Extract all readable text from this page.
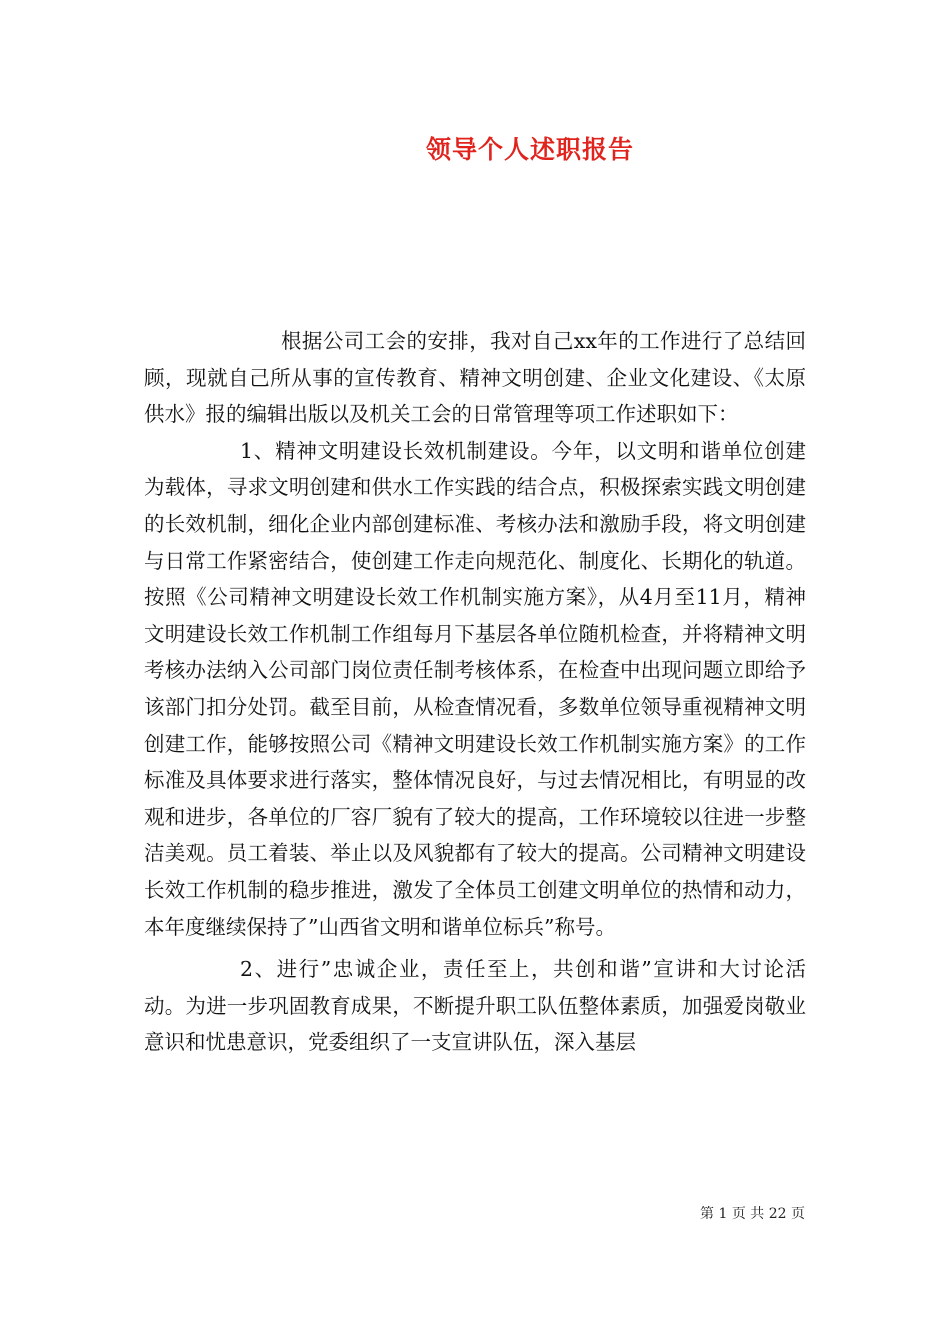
领导个人述职报告

根据公司工会的安排，我对自己xx年的工作进行了总结回顾，现就自己所从事的宣传教育、精神文明创建、企业文化建设、《太原供水》报的编辑出版以及机关工会的日常管理等项工作述职如下：

1、精神文明建设长效机制建设。今年，以文明和谐单位创建为载体，寻求文明创建和供水工作实践的结合点，积极探索实践文明创建的长效机制，细化企业内部创建标准、考核办法和激励手段，将文明创建与日常工作紧密结合，使创建工作走向规范化、制度化、长期化的轨道。按照《公司精神文明建设长效工作机制实施方案》，从4月至11月，精神文明建设长效工作机制工作组每月下基层各单位随机检查，并将精神文明考核办法纳入公司部门岗位责任制考核体系，在检查中出现问题立即给予该部门扣分处罚。截至目前，从检查情况看，多数单位领导重视精神文明创建工作，能够按照公司《精神文明建设长效工作机制实施方案》的工作标准及具体要求进行落实，整体情况良好，与过去情况相比，有明显的改观和进步，各单位的厂容厂貌有了较大的提高，工作环境较以往进一步整洁美观。员工着装、举止以及风貌都有了较大的提高。公司精神文明建设长效工作机制的稳步推进，激发了全体员工创建文明单位的热情和动力，本年度继续保持了”山西省文明和谐单位标兵”称号。

2、进行”忠诚企业，责任至上，共创和谐”宣讲和大讨论活动。为进一步巩固教育成果，不断提升职工队伍整体素质，加强爱岗敬业意识和忧患意识，党委组织了一支宣讲队伍，深入基层

第 1 页 共 22 页
